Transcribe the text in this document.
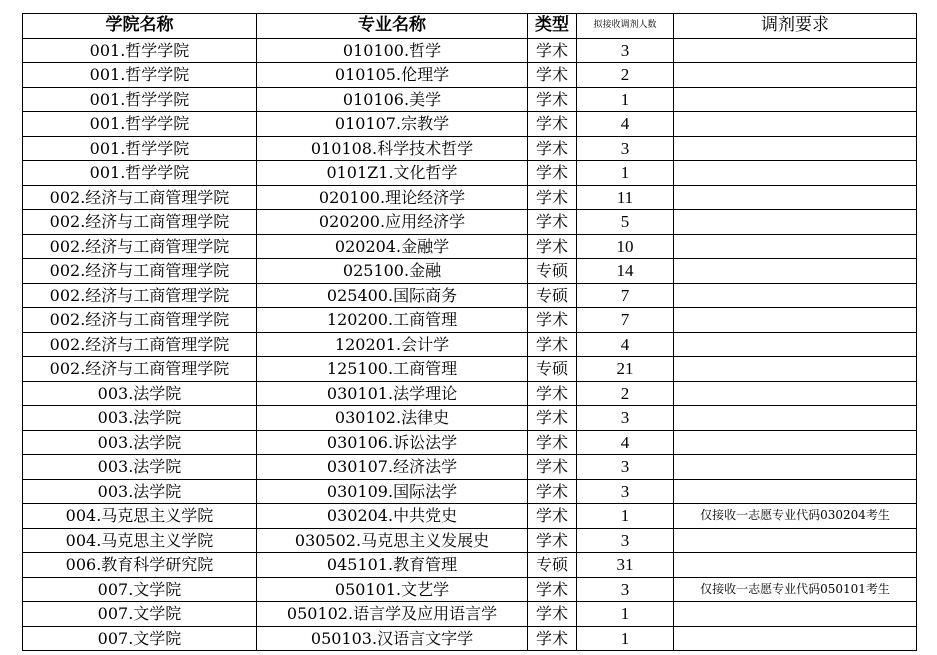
学院名称	专业名称	类型	拟接收调剂人数	调剂要求
001.哲学学院	010100.哲学	学术	3	
001.哲学学院	010105.伦理学	学术	2	
001.哲学学院	010106.美学	学术	1	
001.哲学学院	010107.宗教学	学术	4	
001.哲学学院	010108.科学技术哲学	学术	3	
001.哲学学院	0101Z1.文化哲学	学术	1	
002.经济与工商管理学院	020100.理论经济学	学术	11	
002.经济与工商管理学院	020200.应用经济学	学术	5	
002.经济与工商管理学院	020204.金融学	学术	10	
002.经济与工商管理学院	025100.金融	专硕	14	
002.经济与工商管理学院	025400.国际商务	专硕	7	
002.经济与工商管理学院	120200.工商管理	学术	7	
002.经济与工商管理学院	120201.会计学	学术	4	
002.经济与工商管理学院	125100.工商管理	专硕	21	
003.法学院	030101.法学理论	学术	2	
003.法学院	030102.法律史	学术	3	
003.法学院	030106.诉讼法学	学术	4	
003.法学院	030107.经济法学	学术	3	
003.法学院	030109.国际法学	学术	3	
004.马克思主义学院	030204.中共党史	学术	1	仅接收一志愿专业代码030204考生
004.马克思主义学院	030502.马克思主义发展史	学术	3	
006.教育科学研究院	045101.教育管理	专硕	31	
007.文学院	050101.文艺学	学术	3	仅接收一志愿专业代码050101考生
007.文学院	050102.语言学及应用语言学	学术	1	
007.文学院	050103.汉语言文字学	学术	1	
